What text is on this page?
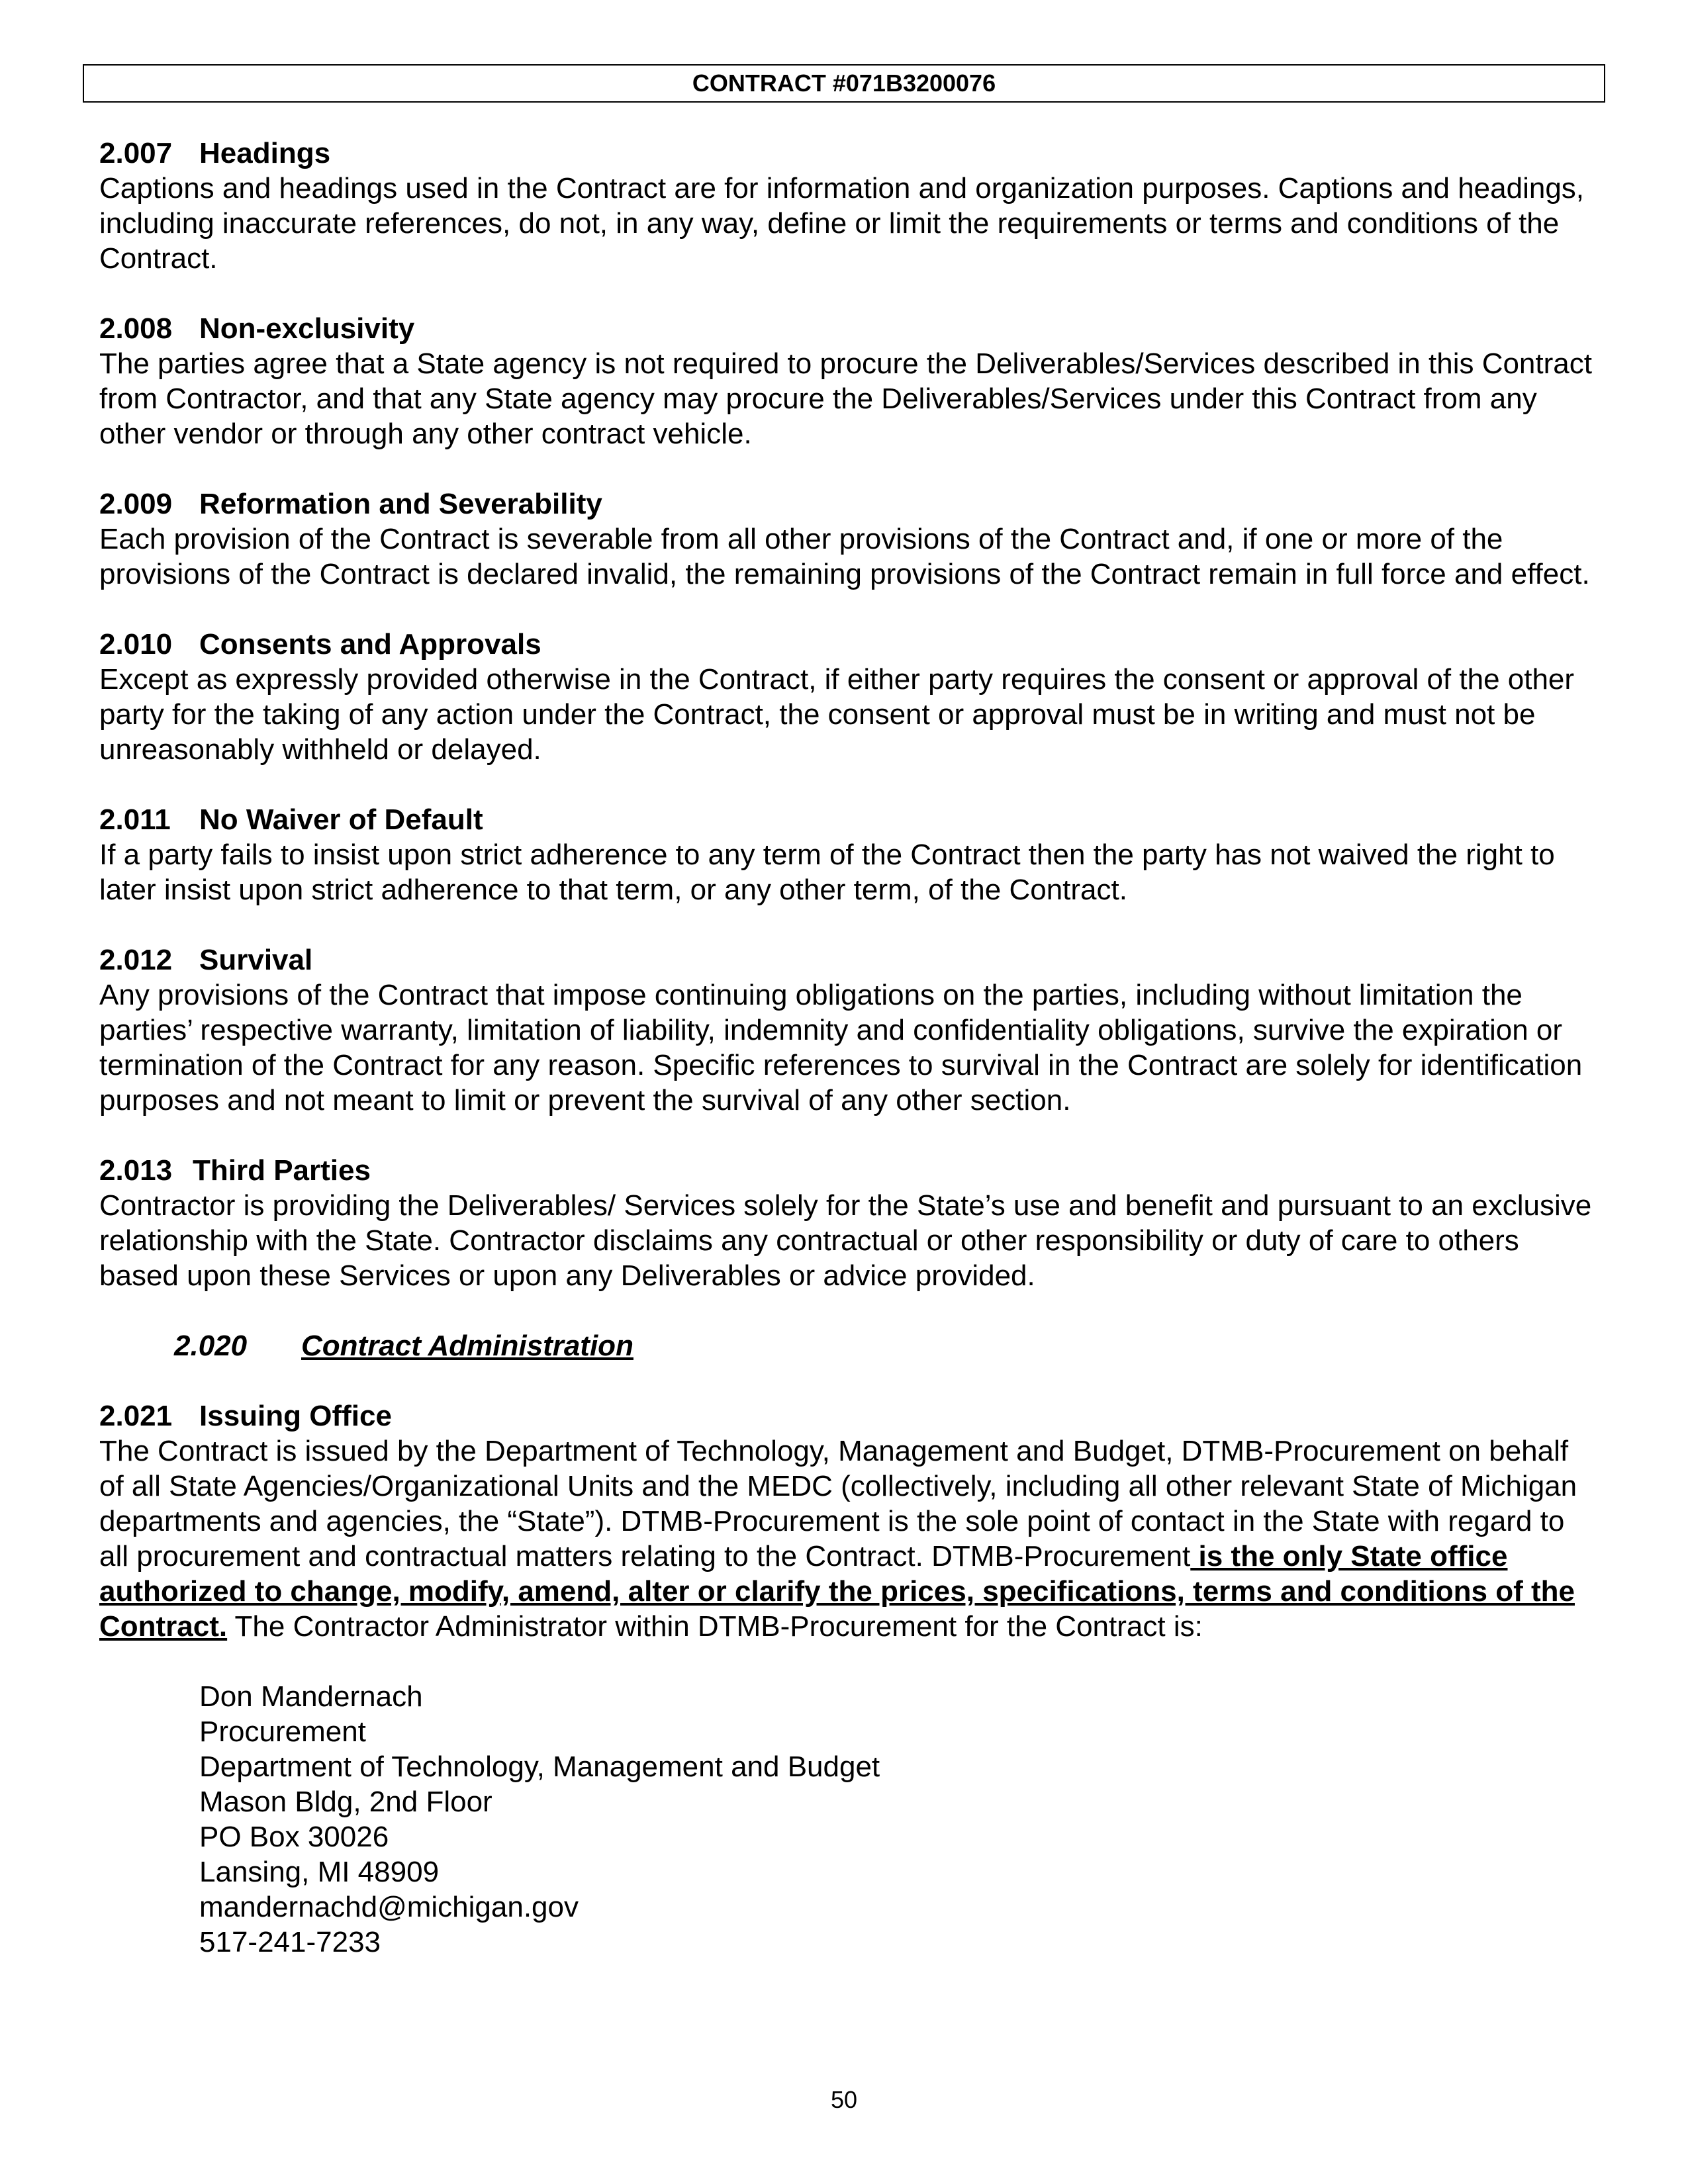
CONTRACT #071B3200076
2.007 Headings
Captions and headings used in the Contract are for information and organization purposes. Captions and headings, including inaccurate references, do not, in any way, define or limit the requirements or terms and conditions of the Contract.
2.008 Non-exclusivity
The parties agree that a State agency is not required to procure the Deliverables/Services described in this Contract from Contractor, and that any State agency may procure the Deliverables/Services under this Contract from any other vendor or through any other contract vehicle.
2.009 Reformation and Severability
Each provision of the Contract is severable from all other provisions of the Contract and, if one or more of the provisions of the Contract is declared invalid, the remaining provisions of the Contract remain in full force and effect.
2.010 Consents and Approvals
Except as expressly provided otherwise in the Contract, if either party requires the consent or approval of the other party for the taking of any action under the Contract, the consent or approval must be in writing and must not be unreasonably withheld or delayed.
2.011 No Waiver of Default
If a party fails to insist upon strict adherence to any term of the Contract then the party has not waived the right to later insist upon strict adherence to that term, or any other term, of the Contract.
2.012 Survival
Any provisions of the Contract that impose continuing obligations on the parties, including without limitation the parties’ respective warranty, limitation of liability, indemnity and confidentiality obligations, survive the expiration or termination of the Contract for any reason. Specific references to survival in the Contract are solely for identification purposes and not meant to limit or prevent the survival of any other section.
2.013 Third Parties
Contractor is providing the Deliverables/ Services solely for the State’s use and benefit and pursuant to an exclusive relationship with the State. Contractor disclaims any contractual or other responsibility or duty of care to others based upon these Services or upon any Deliverables or advice provided.
2.020 Contract Administration
2.021 Issuing Office
The Contract is issued by the Department of Technology, Management and Budget, DTMB-Procurement on behalf of all State Agencies/Organizational Units and the MEDC (collectively, including all other relevant State of Michigan departments and agencies, the “State”). DTMB-Procurement is the sole point of contact in the State with regard to all procurement and contractual matters relating to the Contract. DTMB-Procurement is the only State office authorized to change, modify, amend, alter or clarify the prices, specifications, terms and conditions of the Contract. The Contractor Administrator within DTMB-Procurement for the Contract is:
Don Mandernach
Procurement
Department of Technology, Management and Budget
Mason Bldg, 2nd Floor
PO Box 30026
Lansing, MI 48909
mandernachd@michigan.gov
517-241-7233
50
